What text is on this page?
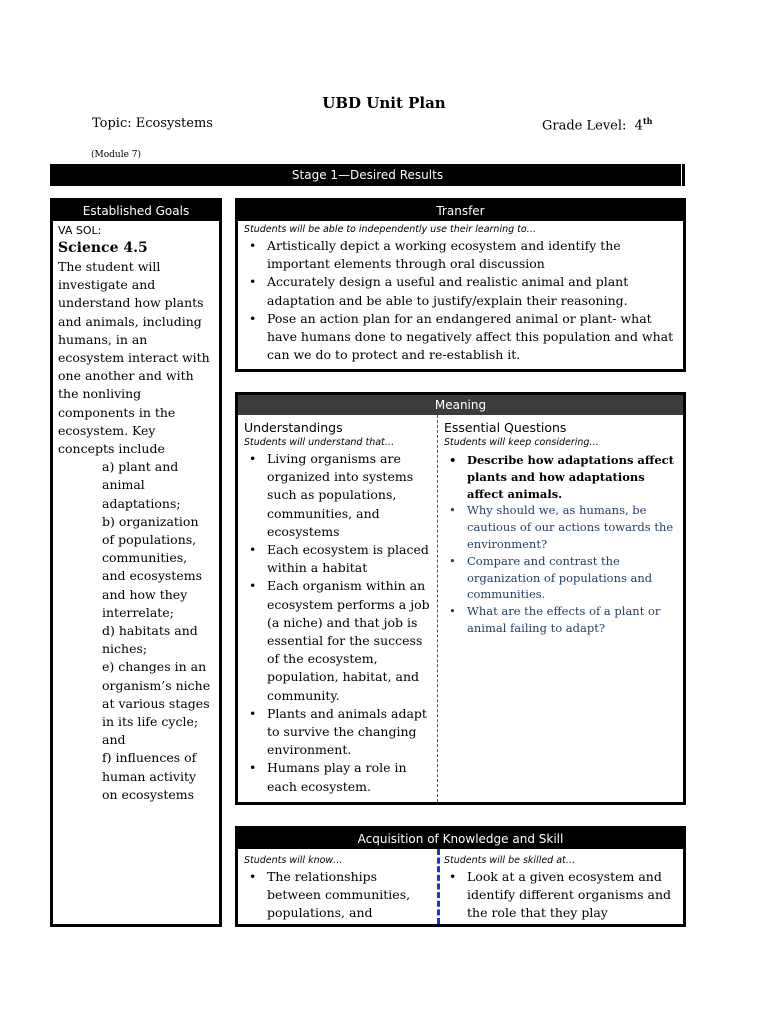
UBD Unit Plan
Topic: Ecosystems	Grade Level: 4th
(Module 7)
Stage 1—Desired Results
Established Goals
VA SOL:
Science 4.5
The student will investigate and understand how plants and animals, including humans, in an ecosystem interact with one another and with the nonliving components in the ecosystem. Key concepts include
a) plant and animal adaptations;
b) organization of populations, communities, and ecosystems and how they interrelate;
d) habitats and niches;
e) changes in an organism’s niche at various stages in its life cycle; and
f) influences of human activity on ecosystems
Transfer
Students will be able to independently use their learning to…
• Artistically depict a working ecosystem and identify the important elements through oral discussion
• Accurately design a useful and realistic animal and plant adaptation and be able to justify/explain their reasoning.
• Pose an action plan for an endangered animal or plant- what have humans done to negatively affect this population and what can we do to protect and re-establish it.
Meaning
Understandings
Students will understand that…
• Living organisms are organized into systems such as populations, communities, and ecosystems
• Each ecosystem is placed within a habitat
• Each organism within an ecosystem performs a job (a niche) and that job is essential for the success of the ecosystem, population, habitat, and community.
• Plants and animals adapt to survive the changing environment.
• Humans play a role in each ecosystem.
Essential Questions
Students will keep considering…
• Describe how adaptations affect plants and how adaptations affect animals.
• Why should we, as humans, be cautious of our actions towards the environment?
• Compare and contrast the organization of populations and communities.
• What are the effects of a plant or animal failing to adapt?
Acquisition of Knowledge and Skill
Students will know…
• The relationships between communities, populations, and
Students will be skilled at…
• Look at a given ecosystem and identify different organisms and the role that they play
